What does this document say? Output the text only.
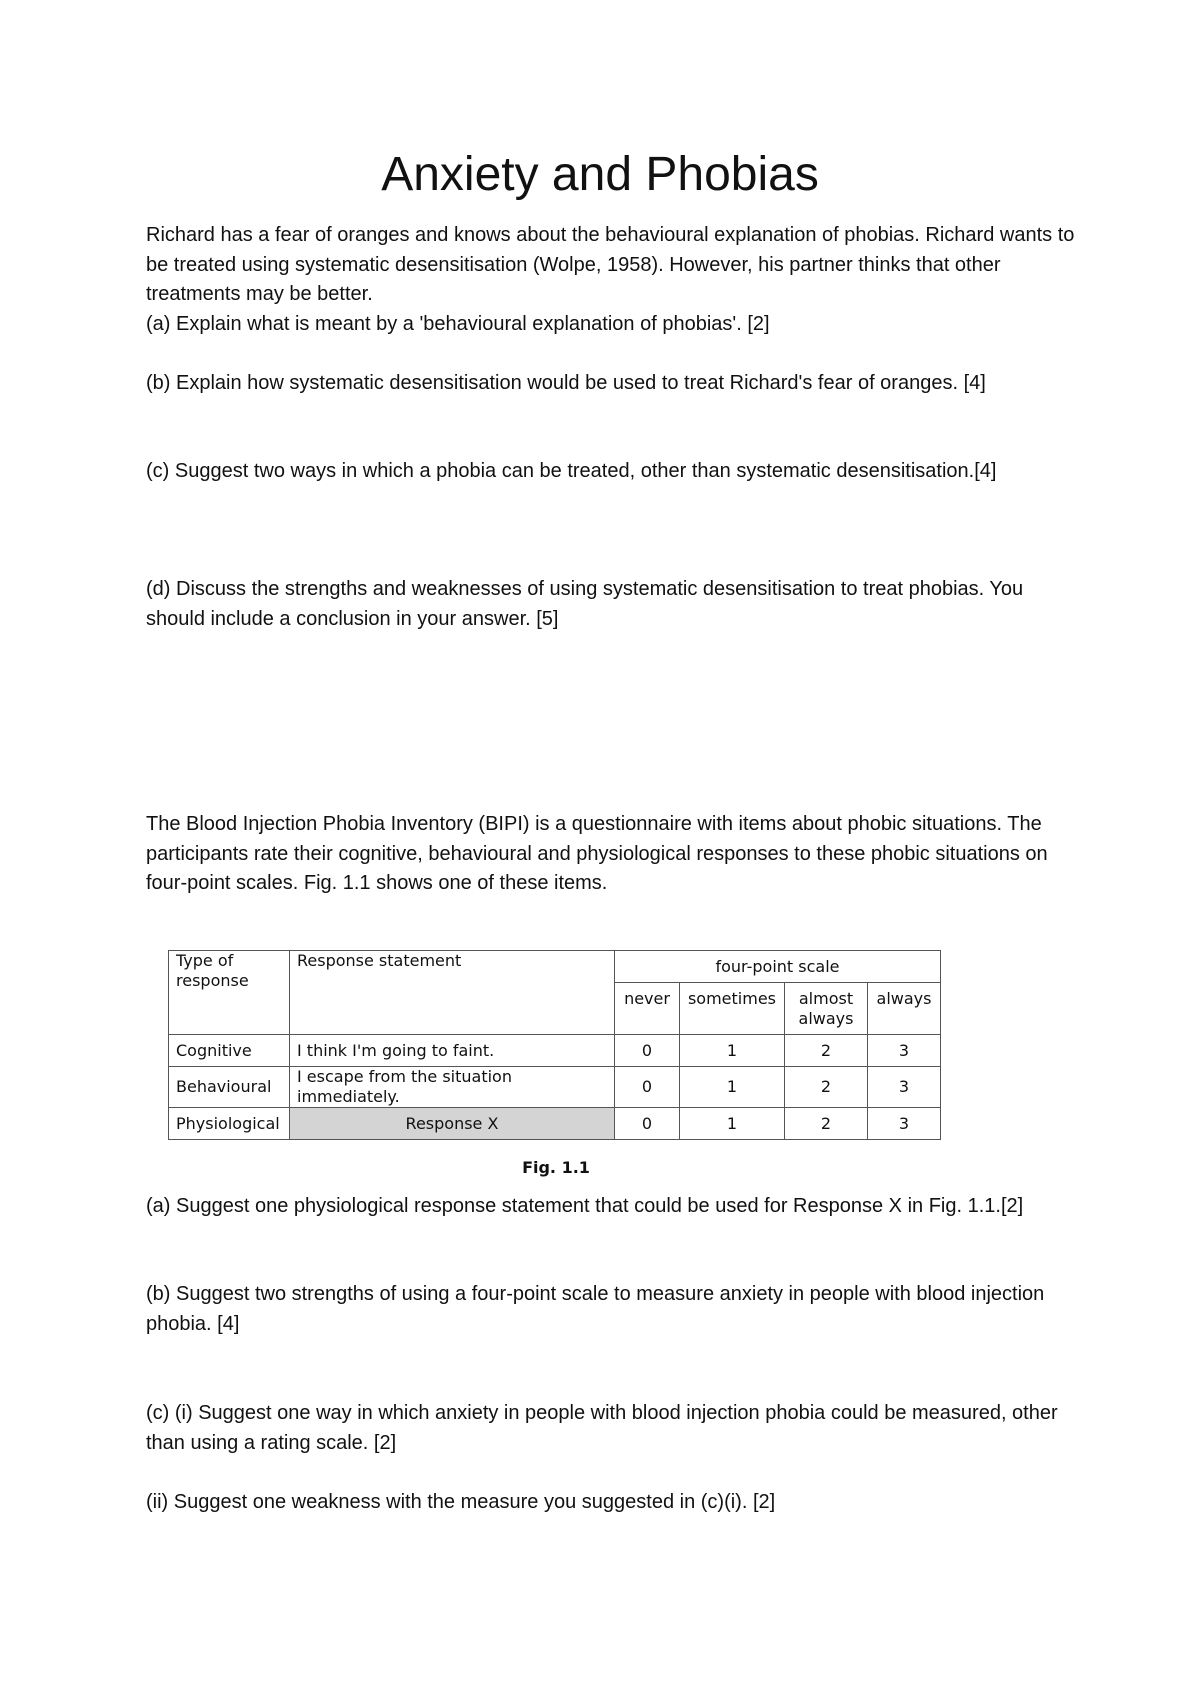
Anxiety and Phobias

Richard has a fear of oranges and knows about the behavioural explanation of phobias. Richard wants to be treated using systematic desensitisation (Wolpe, 1958). However, his partner thinks that other treatments may be better.

(a) Explain what is meant by a 'behavioural explanation of phobias'. [2]

(b) Explain how systematic desensitisation would be used to treat Richard's fear of oranges. [4]

(c) Suggest two ways in which a phobia can be treated, other than systematic desensitisation.[4]

(d) Discuss the strengths and weaknesses of using systematic desensitisation to treat phobias. You should include a conclusion in your answer. [5]

The Blood Injection Phobia Inventory (BIPI) is a questionnaire with items about phobic situations. The participants rate their cognitive, behavioural and physiological responses to these phobic situations on four-point scales. Fig. 1.1 shows one of these items.

Type of response	Response statement	four-point scale			
		never	sometimes	almost always	always
Cognitive	I think I'm going to faint.	0	1	2	3
Behavioural	I escape from the situation immediately.	0	1	2	3
Physiological	Response X	0	1	2	3
Fig. 1.1

(a) Suggest one physiological response statement that could be used for Response X in Fig. 1.1.[2]

(b) Suggest two strengths of using a four-point scale to measure anxiety in people with blood injection phobia. [4]

(c) (i) Suggest one way in which anxiety in people with blood injection phobia could be measured, other than using a rating scale. [2]

(ii) Suggest one weakness with the measure you suggested in (c)(i). [2]
